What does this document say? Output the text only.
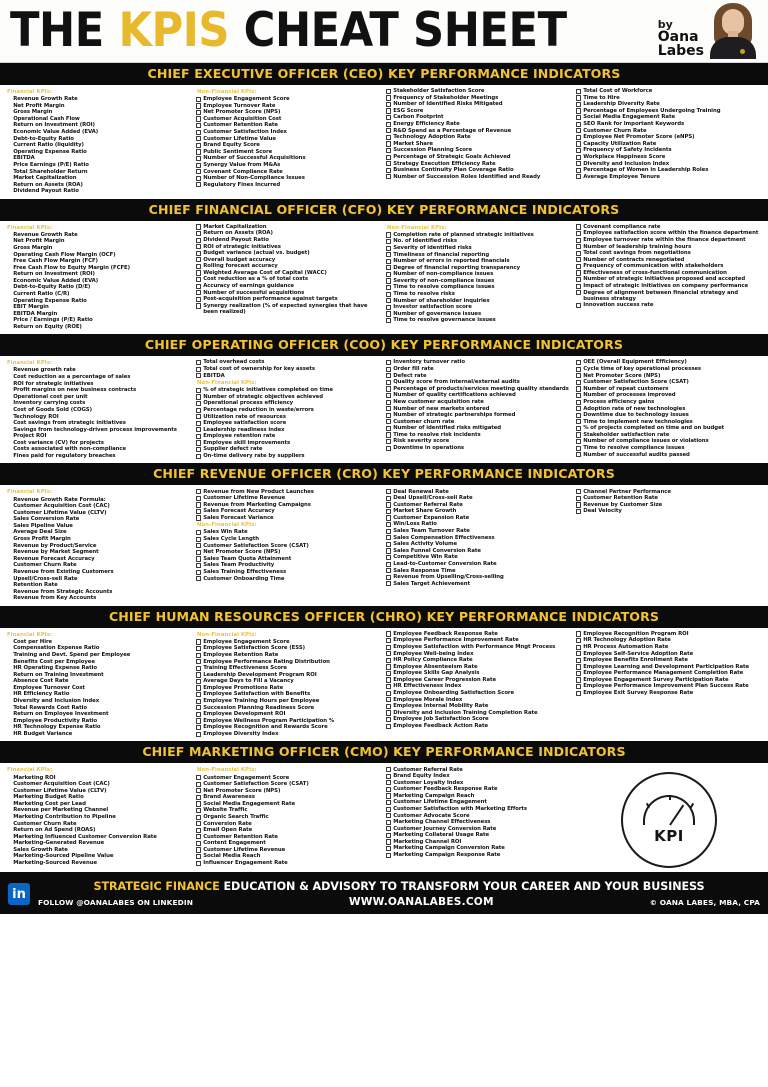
THE KPIS CHEAT SHEET	by
Oana
Labes
CHIEF EXECUTIVE OFFICER (CEO) KEY PERFORMANCE INDICATORS
Financial KPIs:
Revenue Growth Rate
Net Profit Margin
Gross Margin
Operational Cash Flow
Return on Investment (ROI)
Economic Value Added (EVA)
Debt-to-Equity Ratio
Current Ratio (liquidity)
Operating Expense Ratio
EBITDA
Price Earnings (P/E) Ratio
Total Shareholder Return
Market Capitalization
Return on Assets (ROA)
Dividend Payout Ratio
Non-Financial KPIs:
Employee Engagement Score
Employee Turnover Rate
Net Promoter Score (NPS)
Customer Acquisition Cost
Customer Retention Rate
Customer Satisfaction Index
Customer Lifetime Value
Brand Equity Score
Public Sentiment Score
Number of Successful Acquisitions
Synergy Value from M&As
Covenant Compliance Rate
Number of Non-Compliance Issues
Regulatory Fines Incurred
Stakeholder Satisfaction Score
Frequency of Stakeholder Meetings
Number of Identified Risks Mitigated
ESG Score
Carbon Footprint
Energy Efficiency Rate
R&D Spend as a Percentage of Revenue
Technology Adoption Rate
Market Share
Succession Planning Score
Percentage of Strategic Goals Achieved
Strategy Execution Efficiency Rate
Business Continuity Plan Coverage Ratio
Number of Succession Roles Identified and Ready
Total Cost of Workforce
Time to Hire
Leadership Diversity Rate
Percentage of Employees Undergoing Training
Social Media Engagement Rate
SEO Rank for Important Keywords
Customer Churn Rate
Employee Net Promoter Score (eNPS)
Capacity Utilization Rate
Frequency of Safety Incidents
Workplace Happiness Score
Diversity and Inclusion Index
Percentage of Women in Leadership Roles
Average Employee Tenure
CHIEF FINANCIAL OFFICER (CFO) KEY PERFORMANCE INDICATORS
Financial KPIs:
Revenue Growth Rate
Net Profit Margin
Gross Margin
Operating Cash Flow Margin (OCF)
Free Cash Flow Margin (FCF)
Free Cash Flow to Equity Margin (FCFE)
Return on Investment (ROI)
Economic Value Added (EVA)
Debt-to-Equity Ratio (D/E)
Current Ratio (C/R)
Operating Expense Ratio
EBIT Margin
EBITDA Margin
Price / Earnings (P/E) Ratio
Return on Equity (ROE)
Market Capitalization
Return on Assets (ROA)
Dividend Payout Ratio
ROI of strategic initiatives
Budget variance (actual vs. budget)
Overall budget accuracy
Rolling forecast accuracy
Weighted Average Cost of Capital (WACC)
Cost reduction as a % of total costs
Accuracy of earnings guidance
Number of successful acquisitions
Post-acquisition performance against targets
Synergy realization (% of expected synergies that have been realized)
Non-Financial KPIs:
Completion rate of planned strategic initiatives
No. of identified risks
Severity of identified risks
Timeliness of financial reporting
Number of errors in reported financials
Degree of financial reporting transparency
Number of non-compliance issues
Severity of non-compliance issues
Time to resolve compliance issues
Time to resolve risks
Number of shareholder inquiries
Investor satisfaction score
Number of governance issues
Time to resolve governance issues
Covenant compliance rate
Employee satisfaction score within the finance department
Employee turnover rate within the finance department
Number of leadership training hours
Total cost savings from negotiations
Number of contracts renegotiated
Frequency of communication with stakeholders
Effectiveness of cross-functional communication
Number of strategic initiatives proposed and accepted
Impact of strategic initiatives on company performance
Degree of alignment between financial strategy and business strategy
Innovation success rate
CHIEF OPERATING OFFICER (COO) KEY PERFORMANCE INDICATORS
Financial KPIs:
Revenue growth rate
Cost reduction as a percentage of sales
ROI for strategic initiatives
Profit margins on new business contracts
Operational cost per unit
Inventory carrying costs
Cost of Goods Sold (COGS)
Technology ROI
Cost savings from strategic initiatives
Savings from technology-driven process improvements
Project ROI
Cost variance (CV) for projects
Costs associated with non-compliance
Fines paid for regulatory breaches
Total overhead costs
Total cost of ownership for key assets
EBITDA
Non-Financial KPIs:
% of strategic initiatives completed on time
Number of strategic objectives achieved
Operational process efficiency
Percentage reduction in waste/errors
Utilization rate of resources
Employee satisfaction score
Leadership readiness index
Employee retention rate
Employee skill improvements
Supplier defect rate
On-time delivery rate by suppliers
Inventory turnover ratio
Order fill rate
Defect rate
Quality score from internal/external audits
Percentage of products/services meeting quality standards
Number of quality certifications achieved
New customer acquisition rate
Number of new markets entered
Number of strategic partnerships formed
Customer churn rate
Number of identified risks mitigated
Time to resolve risk incidents
Risk severity score
Downtime in operations
OEE (Overall Equipment Efficiency)
Cycle time of key operational processes
Net Promoter Score (NPS)
Customer Satisfaction Score (CSAT)
Number of repeat customers
Number of processes improved
Process efficiency gains
Adoption rate of new technologies
Downtime due to technology issues
Time to implement new technologies
% of projects completed on time and on budget
Stakeholder satisfaction rate
Number of compliance issues or violations
Time to resolve compliance issues
Number of successful audits passed
CHIEF REVENUE OFFICER (CRO) KEY PERFORMANCE INDICATORS
Financial KPIs:
Revenue Growth Rate Formula:
Customer Acquisition Cost (CAC)
Customer Lifetime Value (CLTV)
Sales Conversion Rate
Sales Pipeline Value
Average Deal Size
Gross Profit Margin
Revenue by Product/Service
Revenue by Market Segment
Revenue Forecast Accuracy
Customer Churn Rate
Revenue from Existing Customers
Upsell/Cross-sell Rate
Retention Rate
Revenue from Strategic Accounts
Revenue from Key Accounts
Revenue from New Product Launches
Customer Lifetime Revenue
Revenue from Marketing Campaigns
Sales Forecast Accuracy
Sales Forecast Variance
Non-Financial KPIs:
Sales Win Rate
Sales Cycle Length
Customer Satisfaction Score (CSAT)
Net Promoter Score (NPS)
Sales Team Quota Attainment
Sales Team Productivity
Sales Training Effectiveness
Customer Onboarding Time
Deal Renewal Rate
Deal Upsell/Cross-sell Rate
Customer Referral Rate
Market Share Growth
Customer Expansion Rate
Win/Loss Ratio
Sales Team Turnover Rate
Sales Compensation Effectiveness
Sales Activity Volume
Sales Funnel Conversion Rate
Competitive Win Rate
Lead-to-Customer Conversion Rate
Sales Response Time
Revenue from Upselling/Cross-selling
Sales Target Achievement
Channel Partner Performance
Customer Retention Rate
Revenue by Customer Size
Deal Velocity
CHIEF HUMAN RESOURCES OFFICER (CHRO) KEY PERFORMANCE INDICATORS
Financial KPIs:
Cost per Hire
Compensation Expense Ratio
Training and Devt. Spend per Employee
Benefits Cost per Employee
HR Operating Expense Ratio
Return on Training Investment
Absence Cost Rate
Employee Turnover Cost
HR Efficiency Ratio
Diversity and Inclusion Index
Total Rewards Cost Ratio
Return on Employee Investment
Employee Productivity Ratio
HR Technology Expense Ratio
HR Budget Variance
Non-Financial KPIs:
Employee Engagement Score
Employee Satisfaction Score (ESS)
Employee Retention Rate
Employee Performance Rating Distribution
Training Effectiveness Score
Leadership Development Program ROI
Average Days to Fill a Vacancy
Employee Promotions Rate
Employee Satisfaction with Benefits
Employee Training Hours per Employee
Succession Planning Readiness Score
Employee Development ROI
Employee Wellness Program Participation %
Employee Recognition and Rewards Score
Employee Diversity Index
Employee Feedback Response Rate
Employee Performance Improvement Rate
Employee Satisfaction with Performance Mngt Process
Employee Well-being Index
HR Policy Compliance Rate
Employee Absenteeism Rate
Employee Skills Gap Analysis
Employee Career Progression Rate
HR Effectiveness Index
Employee Onboarding Satisfaction Score
Employee Morale Index
Employee Internal Mobility Rate
Diversity and Inclusion Training Completion Rate
Employee Job Satisfaction Score
Employee Feedback Action Rate
Employee Recognition Program ROI
HR Technology Adoption Rate
HR Process Automation Rate
Employee Self-Service Adoption Rate
Employee Benefits Enrollment Rate
Employee Learning and Development Participation Rate
Employee Performance Management Completion Rate
Employee Engagement Survey Participation Rate
Employee Performance Improvement Plan Success Rate
Employee Exit Survey Response Rate
CHIEF MARKETING OFFICER (CMO) KEY PERFORMANCE INDICATORS
Financial KPIs:
Marketing ROI
Customer Acquisition Cost (CAC)
Customer Lifetime Value (CLTV)
Marketing Budget Ratio
Marketing Cost per Lead
Revenue per Marketing Channel
Marketing Contribution to Pipeline
Customer Churn Rate
Return on Ad Spend (ROAS)
Marketing Influenced Customer Conversion Rate
Marketing-Generated Revenue
Sales Growth Rate
Marketing-Sourced Pipeline Value
Marketing-Sourced Revenue
Non-Financial KPIs:
Customer Engagement Score
Customer Satisfaction Score (CSAT)
Net Promoter Score (NPS)
Brand Awareness
Social Media Engagement Rate
Website Traffic
Organic Search Traffic
Conversion Rate
Email Open Rate
Customer Retention Rate
Content Engagement
Customer Lifetime Revenue
Social Media Reach
Influencer Engagement Rate
Customer Referral Rate
Brand Equity Index
Customer Loyalty Index
Customer Feedback Response Rate
Marketing Campaign Reach
Customer Lifetime Engagement
Customer Satisfaction with Marketing Efforts
Customer Advocate Score
Marketing Channel Effectiveness
Customer Journey Conversion Rate
Marketing Collateral Usage Rate
Marketing Channel ROI
Marketing Campaign Conversion Rate
Marketing Campaign Response Rate
KPI
in	STRATEGIC FINANCE EDUCATION & ADVISORY TO TRANSFORM YOUR CAREER AND YOUR BUSINESS
FOLLOW @OANALABES ON LINKEDIN	WWW.OANALABES.COM	© OANA LABES, MBA, CPA
